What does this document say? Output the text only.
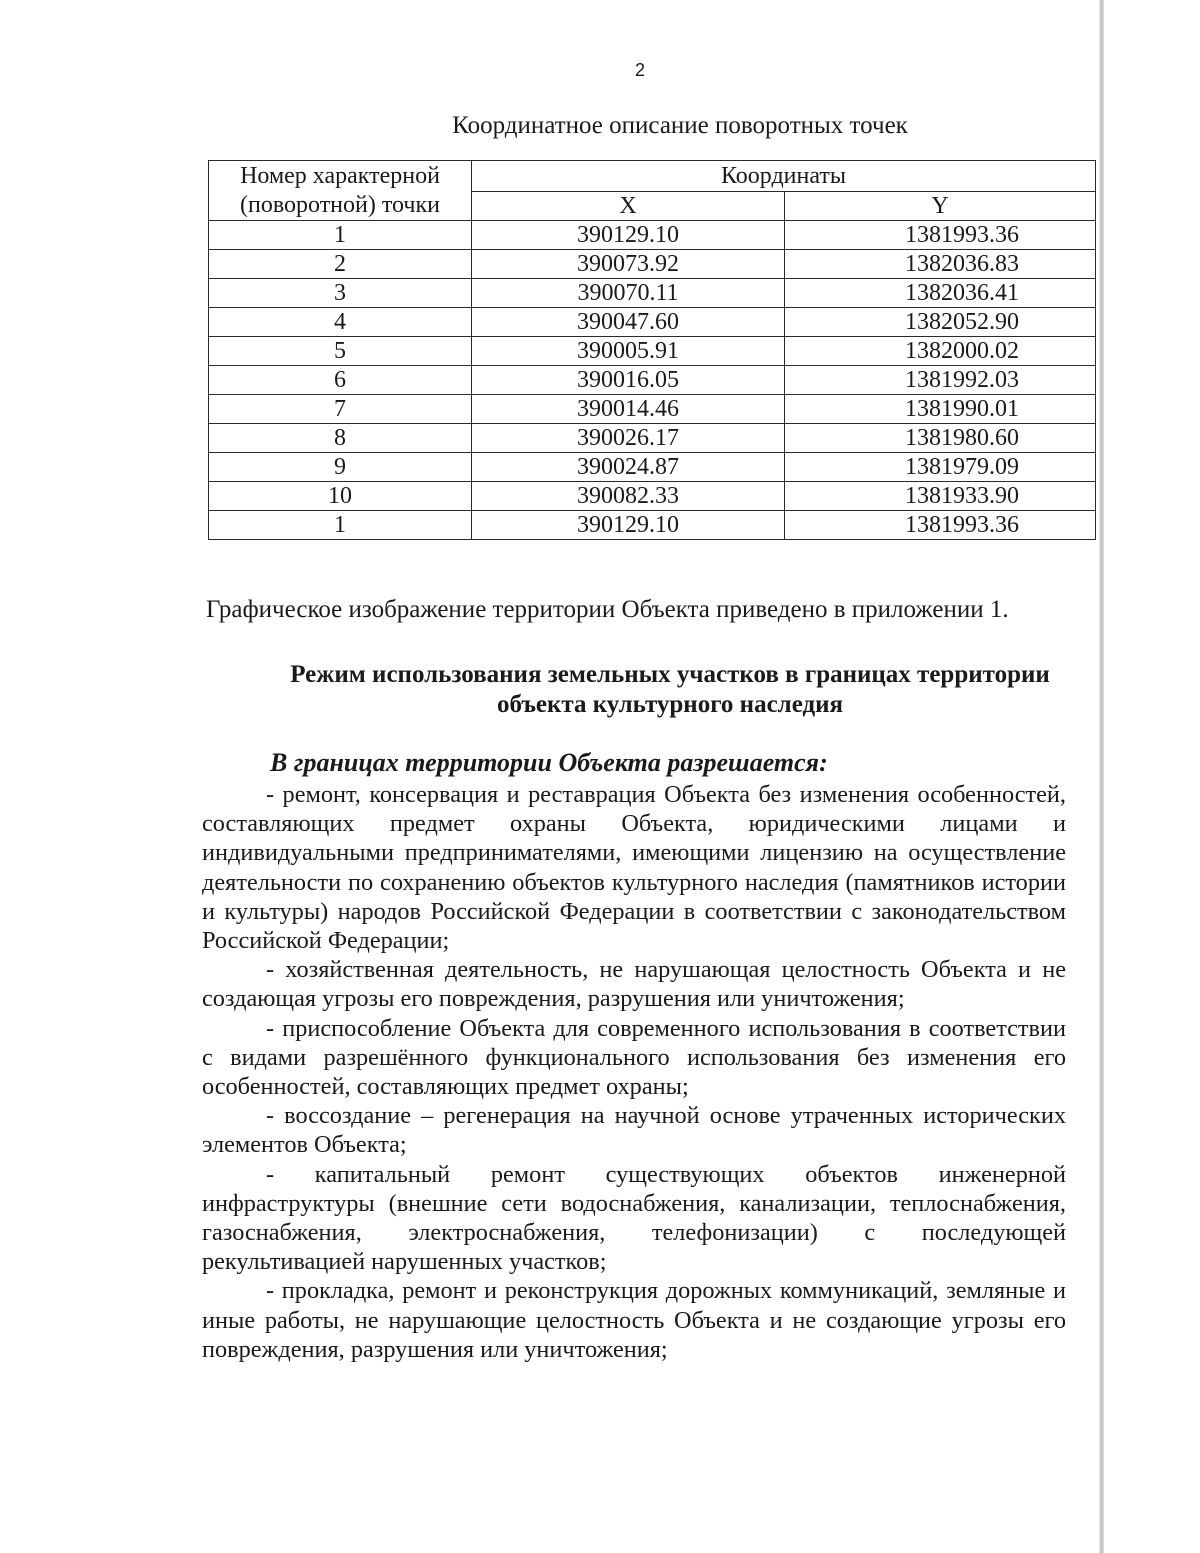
2
Координатное описание поворотных точек
Номер характерной (поворотной) точки	Координаты	
	X	Y
1	390129.10	1381993.36
2	390073.92	1382036.83
3	390070.11	1382036.41
4	390047.60	1382052.90
5	390005.91	1382000.02
6	390016.05	1381992.03
7	390014.46	1381990.01
8	390026.17	1381980.60
9	390024.87	1381979.09
10	390082.33	1381933.90
1	390129.10	1381993.36
Графическое изображение территории Объекта приведено в приложении 1.
Режим использования земельных участков в границах территории объекта культурного наследия
В границах территории Объекта разрешается:

- ремонт, консервация и реставрация Объекта без изменения особенностей, составляющих предмет охраны Объекта, юридическими лицами и индивидуальными предпринимателями, имеющими лицензию на осуществление деятельности по сохранению объектов культурного наследия (памятников истории и культуры) народов Российской Федерации в соответствии с законодательством Российской Федерации;

- хозяйственная деятельность, не нарушающая целостность Объекта и не создающая угрозы его повреждения, разрушения или уничтожения;

- приспособление Объекта для современного использования в соответствии с видами разрешённого функционального использования без изменения его особенностей, составляющих предмет охраны;

- воссоздание – регенерация на научной основе утраченных исторических элементов Объекта;

- капитальный ремонт существующих объектов инженерной инфраструктуры (внешние сети водоснабжения, канализации, теплоснабжения, газоснабжения, электроснабжения, телефонизации) с последующей рекультивацией нарушенных участков;

- прокладка, ремонт и реконструкция дорожных коммуникаций, земляные и иные работы, не нарушающие целостность Объекта и не создающие угрозы его повреждения, разрушения или уничтожения;
